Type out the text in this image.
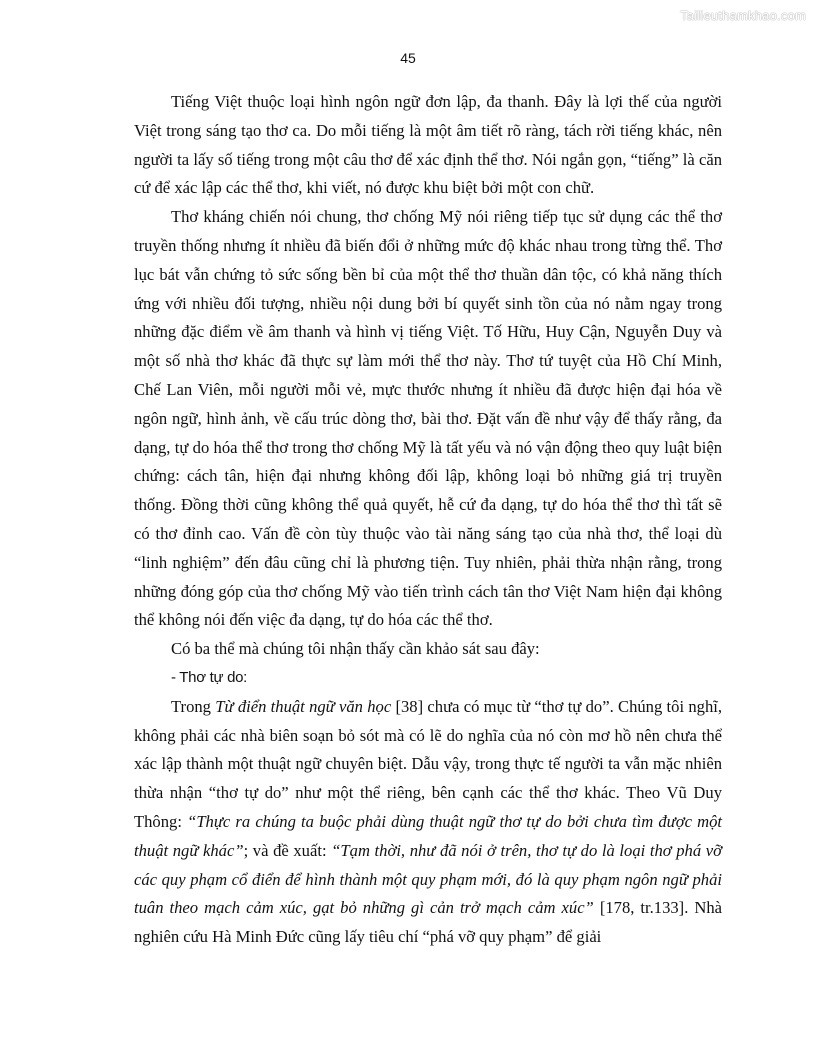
Tailieuthamkhao.com
45

Tiếng Việt thuộc loại hình ngôn ngữ đơn lập, đa thanh. Đây là lợi thế của người Việt trong sáng tạo thơ ca. Do mỗi tiếng là một âm tiết rõ ràng, tách rời tiếng khác, nên người ta lấy số tiếng trong một câu thơ để xác định thể thơ. Nói ngắn gọn, “tiếng” là căn cứ để xác lập các thể thơ, khi viết, nó được khu biệt bởi một con chữ.

Thơ kháng chiến nói chung, thơ chống Mỹ nói riêng tiếp tục sử dụng các thể thơ truyền thống nhưng ít nhiều đã biến đổi ở những mức độ khác nhau trong từng thể. Thơ lục bát vẫn chứng tỏ sức sống bền bỉ của một thể thơ thuần dân tộc, có khả năng thích ứng với nhiều đối tượng, nhiều nội dung bởi bí quyết sinh tồn của nó nằm ngay trong những đặc điểm về âm thanh và hình vị tiếng Việt. Tố Hữu, Huy Cận, Nguyễn Duy và một số nhà thơ khác đã thực sự làm mới thể thơ này. Thơ tứ tuyệt của Hồ Chí Minh, Chế Lan Viên, mỗi người mỗi vẻ, mực thước nhưng ít nhiều đã được hiện đại hóa về ngôn ngữ, hình ảnh, về cấu trúc dòng thơ, bài thơ. Đặt vấn đề như vậy để thấy rằng, đa dạng, tự do hóa thể thơ trong thơ chống Mỹ là tất yếu và nó vận động theo quy luật biện chứng: cách tân, hiện đại nhưng không đối lập, không loại bỏ những giá trị truyền thống. Đồng thời cũng không thể quả quyết, hễ cứ đa dạng, tự do hóa thể thơ thì tất sẽ có thơ đỉnh cao. Vấn đề còn tùy thuộc vào tài năng sáng tạo của nhà thơ, thể loại dù “linh nghiệm” đến đâu cũng chỉ là phương tiện. Tuy nhiên, phải thừa nhận rằng, trong những đóng góp của thơ chống Mỹ vào tiến trình cách tân thơ Việt Nam hiện đại không thể không nói đến việc đa dạng, tự do hóa các thể thơ.

Có ba thể mà chúng tôi nhận thấy cần khảo sát sau đây:

- Thơ tự do:

Trong Từ điển thuật ngữ văn học [38] chưa có mục từ “thơ tự do”. Chúng tôi nghĩ, không phải các nhà biên soạn bỏ sót mà có lẽ do nghĩa của nó còn mơ hồ nên chưa thể xác lập thành một thuật ngữ chuyên biệt. Dẫu vậy, trong thực tế người ta vẫn mặc nhiên thừa nhận “thơ tự do” như một thể riêng, bên cạnh các thể thơ khác. Theo Vũ Duy Thông: “Thực ra chúng ta buộc phải dùng thuật ngữ thơ tự do bởi chưa tìm được một thuật ngữ khác”; và đề xuất: “Tạm thời, như đã nói ở trên, thơ tự do là loại thơ phá vỡ các quy phạm cổ điển để hình thành một quy phạm mới, đó là quy phạm ngôn ngữ phải tuân theo mạch cảm xúc, gạt bỏ những gì cản trở mạch cảm xúc” [178, tr.133]. Nhà nghiên cứu Hà Minh Đức cũng lấy tiêu chí “phá vỡ quy phạm” để giải
